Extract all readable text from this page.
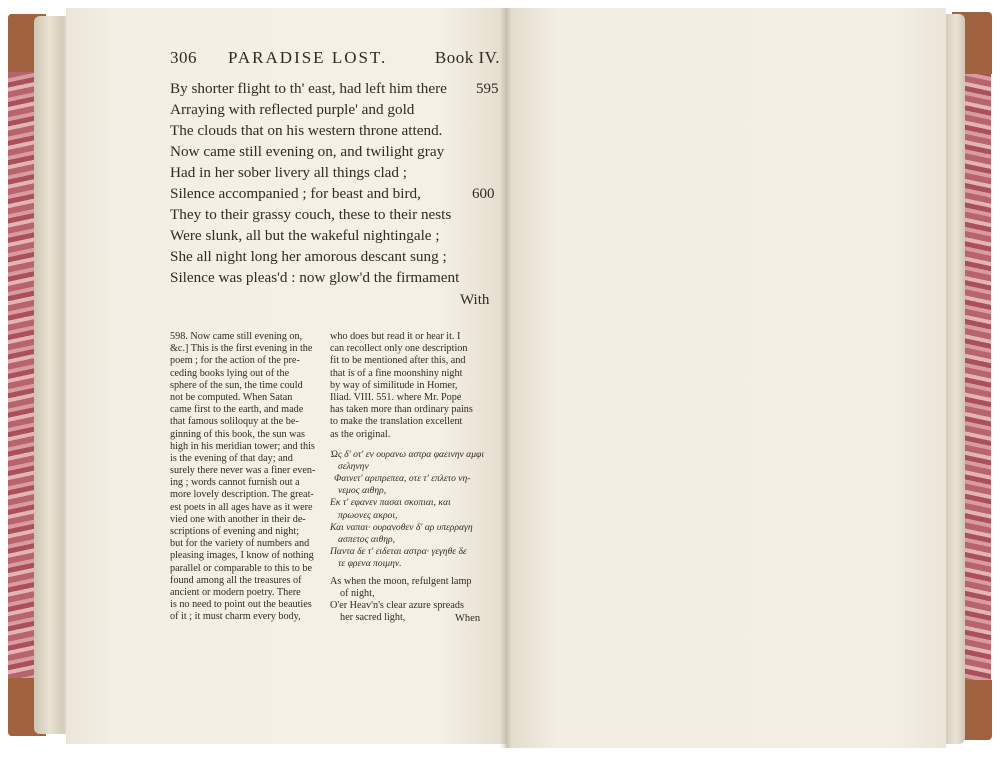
306 PARADISE LOST.	Book IV.
By shorter flight to th' east, had left him there 595
Arraying with reflected purple' and gold
The clouds that on his western throne attend.
Now came still evening on, and twilight gray
Had in her sober livery all things clad ;
Silence accompanied ; for beast and bird,	600
They to their grassy couch, these to their nests
Were slunk, all but the wakeful nightingale ;
She all night long her amorous descant sung ;
Silence was pleas'd : now glow'd the firmament
With
598. Now came still evening on,
&c.] This is the first evening in the
poem ; for the action of the pre-
ceding books lying out of the
sphere of the sun, the time could
not be computed. When Satan
came first to the earth, and made
that famous soliloquy at the be-
ginning of this book, the sun was
high in his meridian tower; and this
is the evening of that day; and
surely there never was a finer even-
ing ; words cannot furnish out a
more lovely description. The great-
est poets in all ages have as it were
vied one with another in their de-
scriptions of evening and night;
but for the variety of numbers and
pleasing images, I know of nothing
parallel or comparable to this to be
found among all the treasures of
ancient or modern poetry. There
is no need to point out the beauties
of it ; it must charm every body,
who does but read it or hear it. I
can recollect only one description
fit to be mentioned after this, and
that is of a fine moonshiny night
by way of similitude in Homer,
Iliad. VIII. 551. where Mr. Pope
has taken more than ordinary pains
to make the translation excellent
as the original.
Ὡς δ' οτ' εν ουρανω αστρα φαεινην αμφι
σεληνην
Φαινετ' αριπρεπεα, οτε τ' επλετο νη-
νεμος αιθηρ,
Εκ τ' εφανεν πασαι σκοπιαι, και
πρωονες ακροι,
Και ναπαι· ουρανοθεν δ' αρ υπερραγη
ασπετος αιθηρ,
Παντα δε τ' ειδεται αστρα· γεγηθε δε
τε φρενα ποιμην.
As when the moon, refulgent lamp
of night,
O'er Heav'n's clear azure spreads
her sacred light,	When
